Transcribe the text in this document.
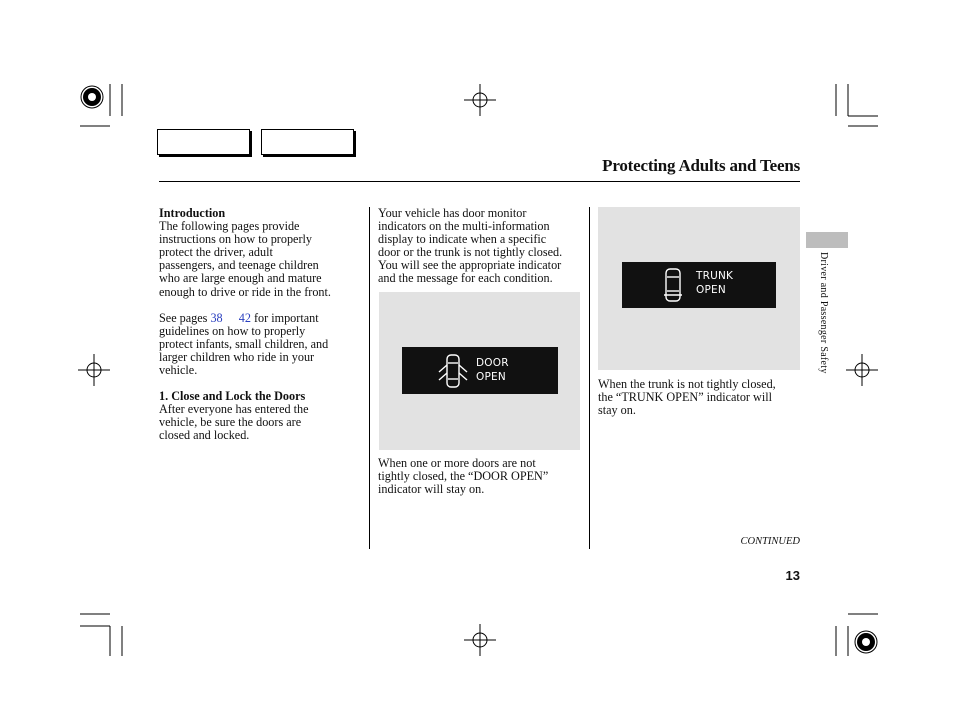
Protecting Adults and Teens
Introduction
The following pages provide
instructions on how to properly
protect the driver, adult
passengers, and teenage children
who are large enough and mature
enough to drive or ride in the front.
See pages 38 42 for important
guidelines on how to properly
protect infants, small children, and
larger children who ride in your
vehicle.
1. Close and Lock the Doors
After everyone has entered the
vehicle, be sure the doors are
closed and locked.
Your vehicle has door monitor
indicators on the multi-information
display to indicate when a specific
door or the trunk is not tightly closed.
You will see the appropriate indicator
and the message for each condition.
DOOR
OPEN
When one or more doors are not
tightly closed, the “DOOR OPEN”
indicator will stay on.
TRUNK
OPEN
When the trunk is not tightly closed,
the “TRUNK OPEN” indicator will
stay on.
Driver and Passenger Safety
CONTINUED
13
